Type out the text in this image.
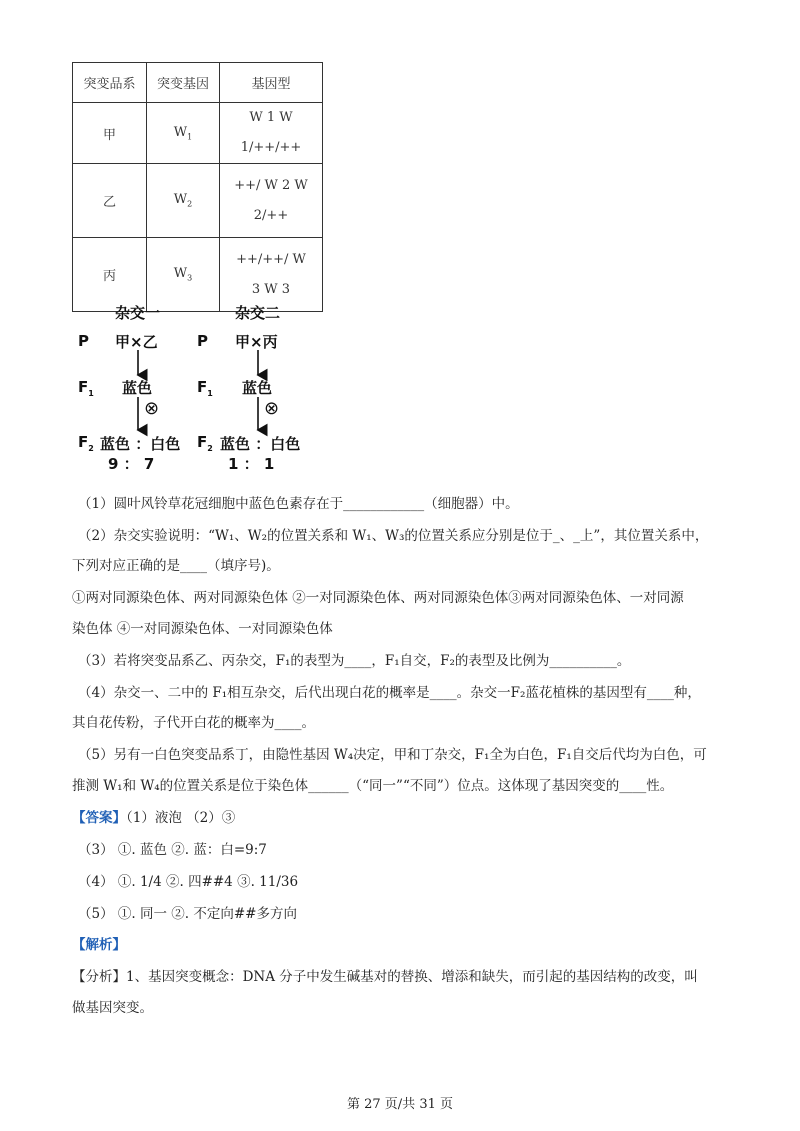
突变品系	突变基因	基因型
甲	$W_1$	W 1 W 1/++/++
乙	$W_2$	++/ W 2 W 2/++
丙	$W_3$	++/++/ W 3 W 3
杂交一	杂交二
P	P
甲×乙	甲×丙
$F_1$	$F_1$
蓝色	蓝色
⊗	⊗
$F_2$	$F_2$
蓝色 ：白色	蓝色 ：白色
9 ： 7	1 ： 1
（1）圆叶风铃草花冠细胞中蓝色色素存在于____________（细胞器）中。
（2）杂交实验说明：“W₁、W₂的位置关系和 W₁、W₃的位置关系应分别是位于_、_上”，其位置关系中，
下列对应正确的是____（填序号)。
①两对同源染色体、两对同源染色体 ②一对同源染色体、两对同源染色体③两对同源染色体、一对同源
染色体 ④一对同源染色体、一对同源染色体
（3）若将突变品系乙、丙杂交，F₁的表型为____，F₁自交，F₂的表型及比例为__________。
（4）杂交一、二中的 F₁相互杂交，后代出现白花的概率是____。杂交一F₂蓝花植株的基因型有____种，
其自花传粉，子代开白花的概率为____。
（5）另有一白色突变品系丁，由隐性基因 W₄决定，甲和丁杂交，F₁全为白色，F₁自交后代均为白色，可
推测 W₁和 W₄的位置关系是位于染色体______（“同一”“不同”）位点。这体现了基因突变的____性。
【答案】（1）液泡 （2）③
（3） ①. 蓝色 ②. 蓝：白=9:7
（4） ①. 1/4 ②. 四##4 ③. 11/36
（5） ①. 同一 ②. 不定向##多方向
【解析】
【分析】1、基因突变概念：DNA 分子中发生碱基对的替换、增添和缺失，而引起的基因结构的改变，叫
做基因突变。
第 27 页/共 31 页
